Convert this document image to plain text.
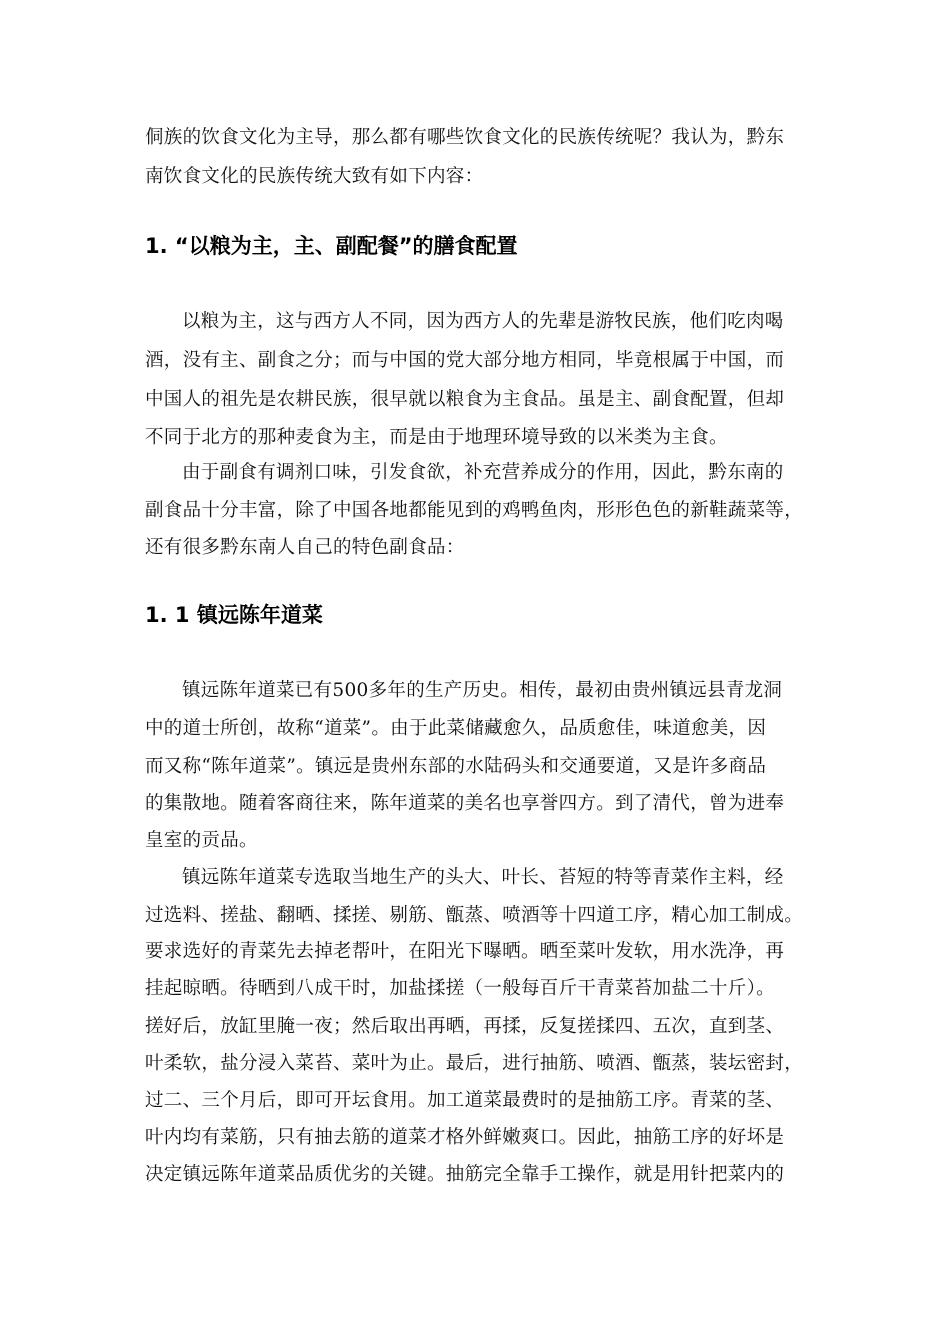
侗族的饮食文化为主导，那么都有哪些饮食文化的民族传统呢？我认为，黔东
南饮食文化的民族传统大致有如下内容：
1. “以粮为主，主、副配餐”的膳食配置
以粮为主，这与西方人不同，因为西方人的先辈是游牧民族，他们吃肉喝
酒，没有主、副食之分；而与中国的党大部分地方相同，毕竟根属于中国，而
中国人的祖先是农耕民族，很早就以粮食为主食品。虽是主、副食配置，但却
不同于北方的那种麦食为主，而是由于地理环境导致的以米类为主食。
由于副食有调剂口味，引发食欲，补充营养成分的作用，因此，黔东南的
副食品十分丰富，除了中国各地都能见到的鸡鸭鱼肉，形形色色的新鞋蔬菜等，
还有很多黔东南人自己的特色副食品：
1. 1 镇远陈年道菜
镇远陈年道菜已有500多年的生产历史。相传，最初由贵州镇远县青龙洞
中的道士所创，故称“道菜”。由于此菜储藏愈久，品质愈佳，味道愈美，因
而又称“陈年道菜”。镇远是贵州东部的水陆码头和交通要道，又是许多商品
的集散地。随着客商往来，陈年道菜的美名也享誉四方。到了清代，曾为进奉
皇室的贡品。
镇远陈年道菜专选取当地生产的头大、叶长、苔短的特等青菜作主料，经
过选料、搓盐、翻晒、揉搓、剔筋、甑蒸、喷酒等十四道工序，精心加工制成。
要求选好的青菜先去掉老帮叶，在阳光下曝晒。晒至菜叶发软，用水洗净，再
挂起晾晒。待晒到八成干时，加盐揉搓（一般每百斤干青菜苔加盐二十斤）。
搓好后，放缸里腌一夜；然后取出再晒，再揉，反复搓揉四、五次，直到茎、
叶柔软，盐分浸入菜苔、菜叶为止。最后，进行抽筋、喷酒、甑蒸，装坛密封，
过二、三个月后，即可开坛食用。加工道菜最费时的是抽筋工序。青菜的茎、
叶内均有菜筋，只有抽去筋的道菜才格外鲜嫩爽口。因此，抽筋工序的好坏是
决定镇远陈年道菜品质优劣的关键。抽筋完全靠手工操作，就是用针把菜内的
